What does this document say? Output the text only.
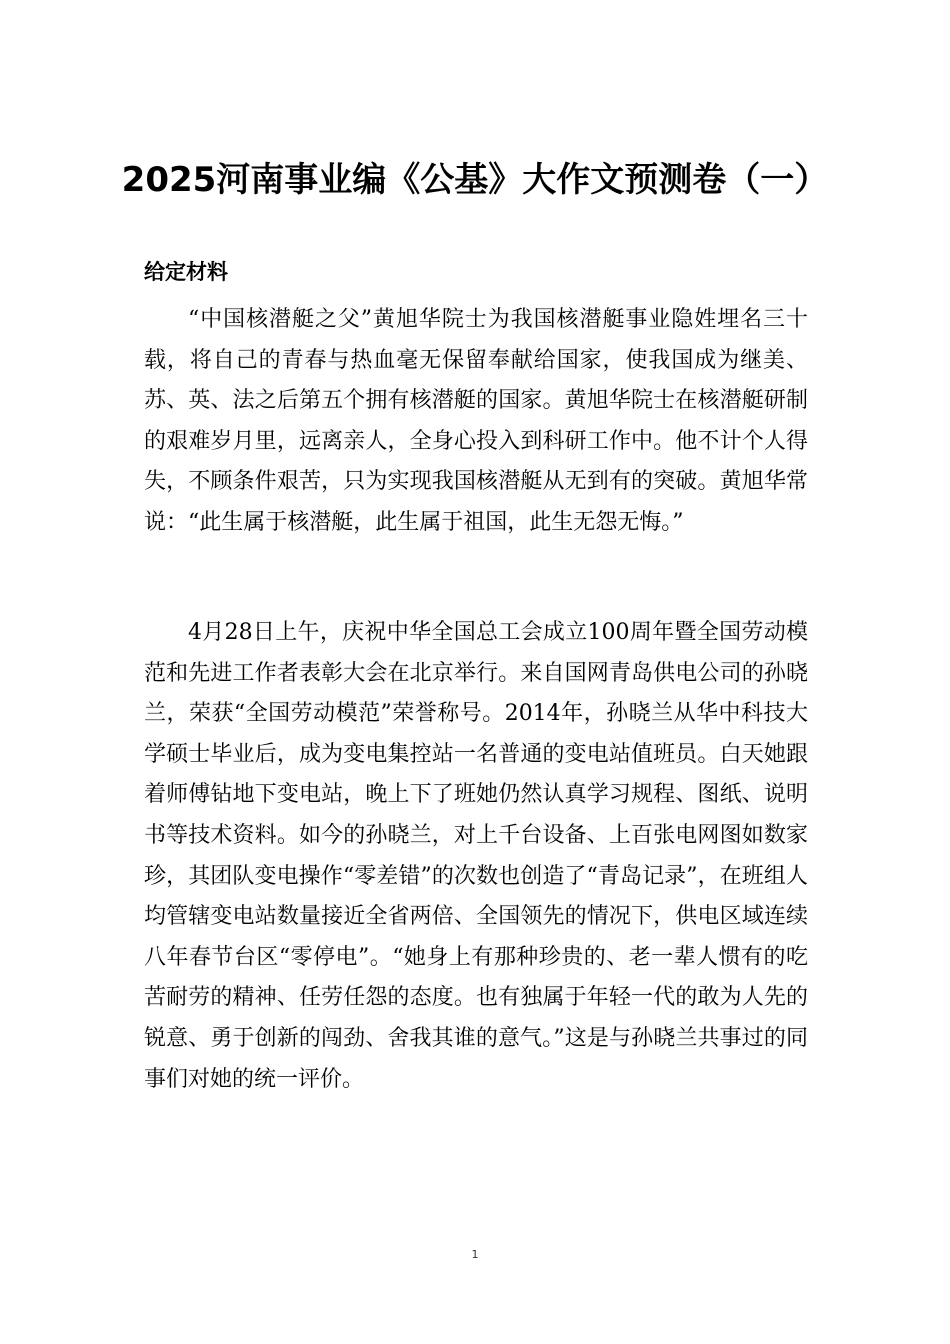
2025河南事业编《公基》大作文预测卷（一）
给定材料

“中国核潜艇之父”黄旭华院士为我国核潜艇事业隐姓埋名三十载，将自己的青春与热血毫无保留奉献给国家，使我国成为继美、苏、英、法之后第五个拥有核潜艇的国家。黄旭华院士在核潜艇研制的艰难岁月里，远离亲人，全身心投入到科研工作中。他不计个人得失，不顾条件艰苦，只为实现我国核潜艇从无到有的突破。黄旭华常说：“此生属于核潜艇，此生属于祖国，此生无怨无悔。”

4月28日上午，庆祝中华全国总工会成立100周年暨全国劳动模范和先进工作者表彰大会在北京举行。来自国网青岛供电公司的孙晓兰，荣获“全国劳动模范”荣誉称号。2014年，孙晓兰从华中科技大学硕士毕业后，成为变电集控站一名普通的变电站值班员。白天她跟着师傅钻地下变电站，晚上下了班她仍然认真学习规程、图纸、说明书等技术资料。如今的孙晓兰，对上千台设备、上百张电网图如数家珍，其团队变电操作“零差错”的次数也创造了“青岛记录”，在班组人均管辖变电站数量接近全省两倍、全国领先的情况下，供电区域连续八年春节台区“零停电”。“她身上有那种珍贵的、老一辈人惯有的吃苦耐劳的精神、任劳任怨的态度。也有独属于年轻一代的敢为人先的锐意、勇于创新的闯劲、舍我其谁的意气。”这是与孙晓兰共事过的同事们对她的统一评价。

1
